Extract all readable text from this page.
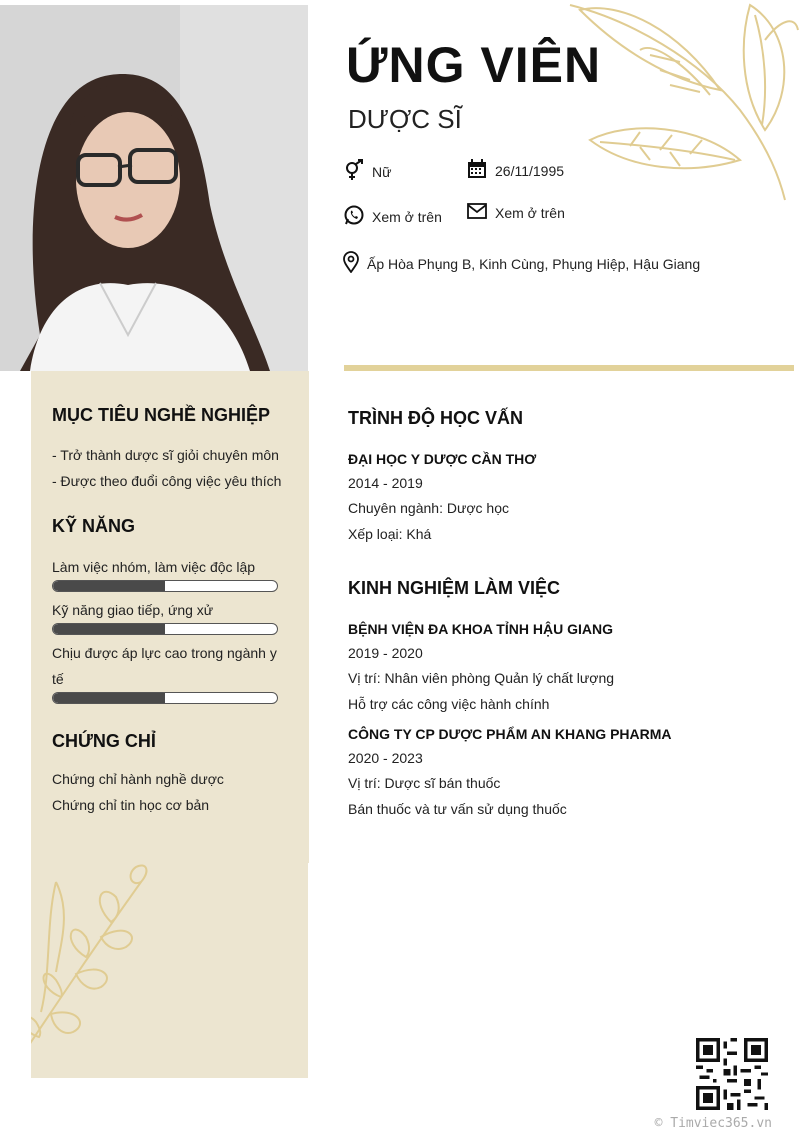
MỤC TIÊU NGHỀ NGHIỆP
- Trở thành dược sĩ giỏi chuyên môn
- Được theo đuổi công việc yêu thích
KỸ NĂNG
Làm việc nhóm, làm việc độc lập
Kỹ năng giao tiếp, ứng xử
Chịu được áp lực cao trong ngành y tế
CHỨNG CHỈ
Chứng chỉ hành nghề dược
Chứng chỉ tin học cơ bản
ỨNG VIÊN
DƯỢC SĨ
Nữ	26/11/1995
Xem ở trên	Xem ở trên
Ấp Hòa Phụng B, Kinh Cùng, Phụng Hiệp, Hậu Giang
TRÌNH ĐỘ HỌC VẤN
ĐẠI HỌC Y DƯỢC CẦN THƠ
2014 - 2019
Chuyên ngành: Dược học
Xếp loại: Khá
KINH NGHIỆM LÀM VIỆC
BỆNH VIỆN ĐA KHOA TỈNH HẬU GIANG
2019 - 2020
Vị trí: Nhân viên phòng Quản lý chất lượng
Hỗ trợ các công việc hành chính
CÔNG TY CP DƯỢC PHẨM AN KHANG PHARMA
2020 - 2023
Vị trí: Dược sĩ bán thuốc
Bán thuốc và tư vấn sử dụng thuốc
© Timviec365.vn
